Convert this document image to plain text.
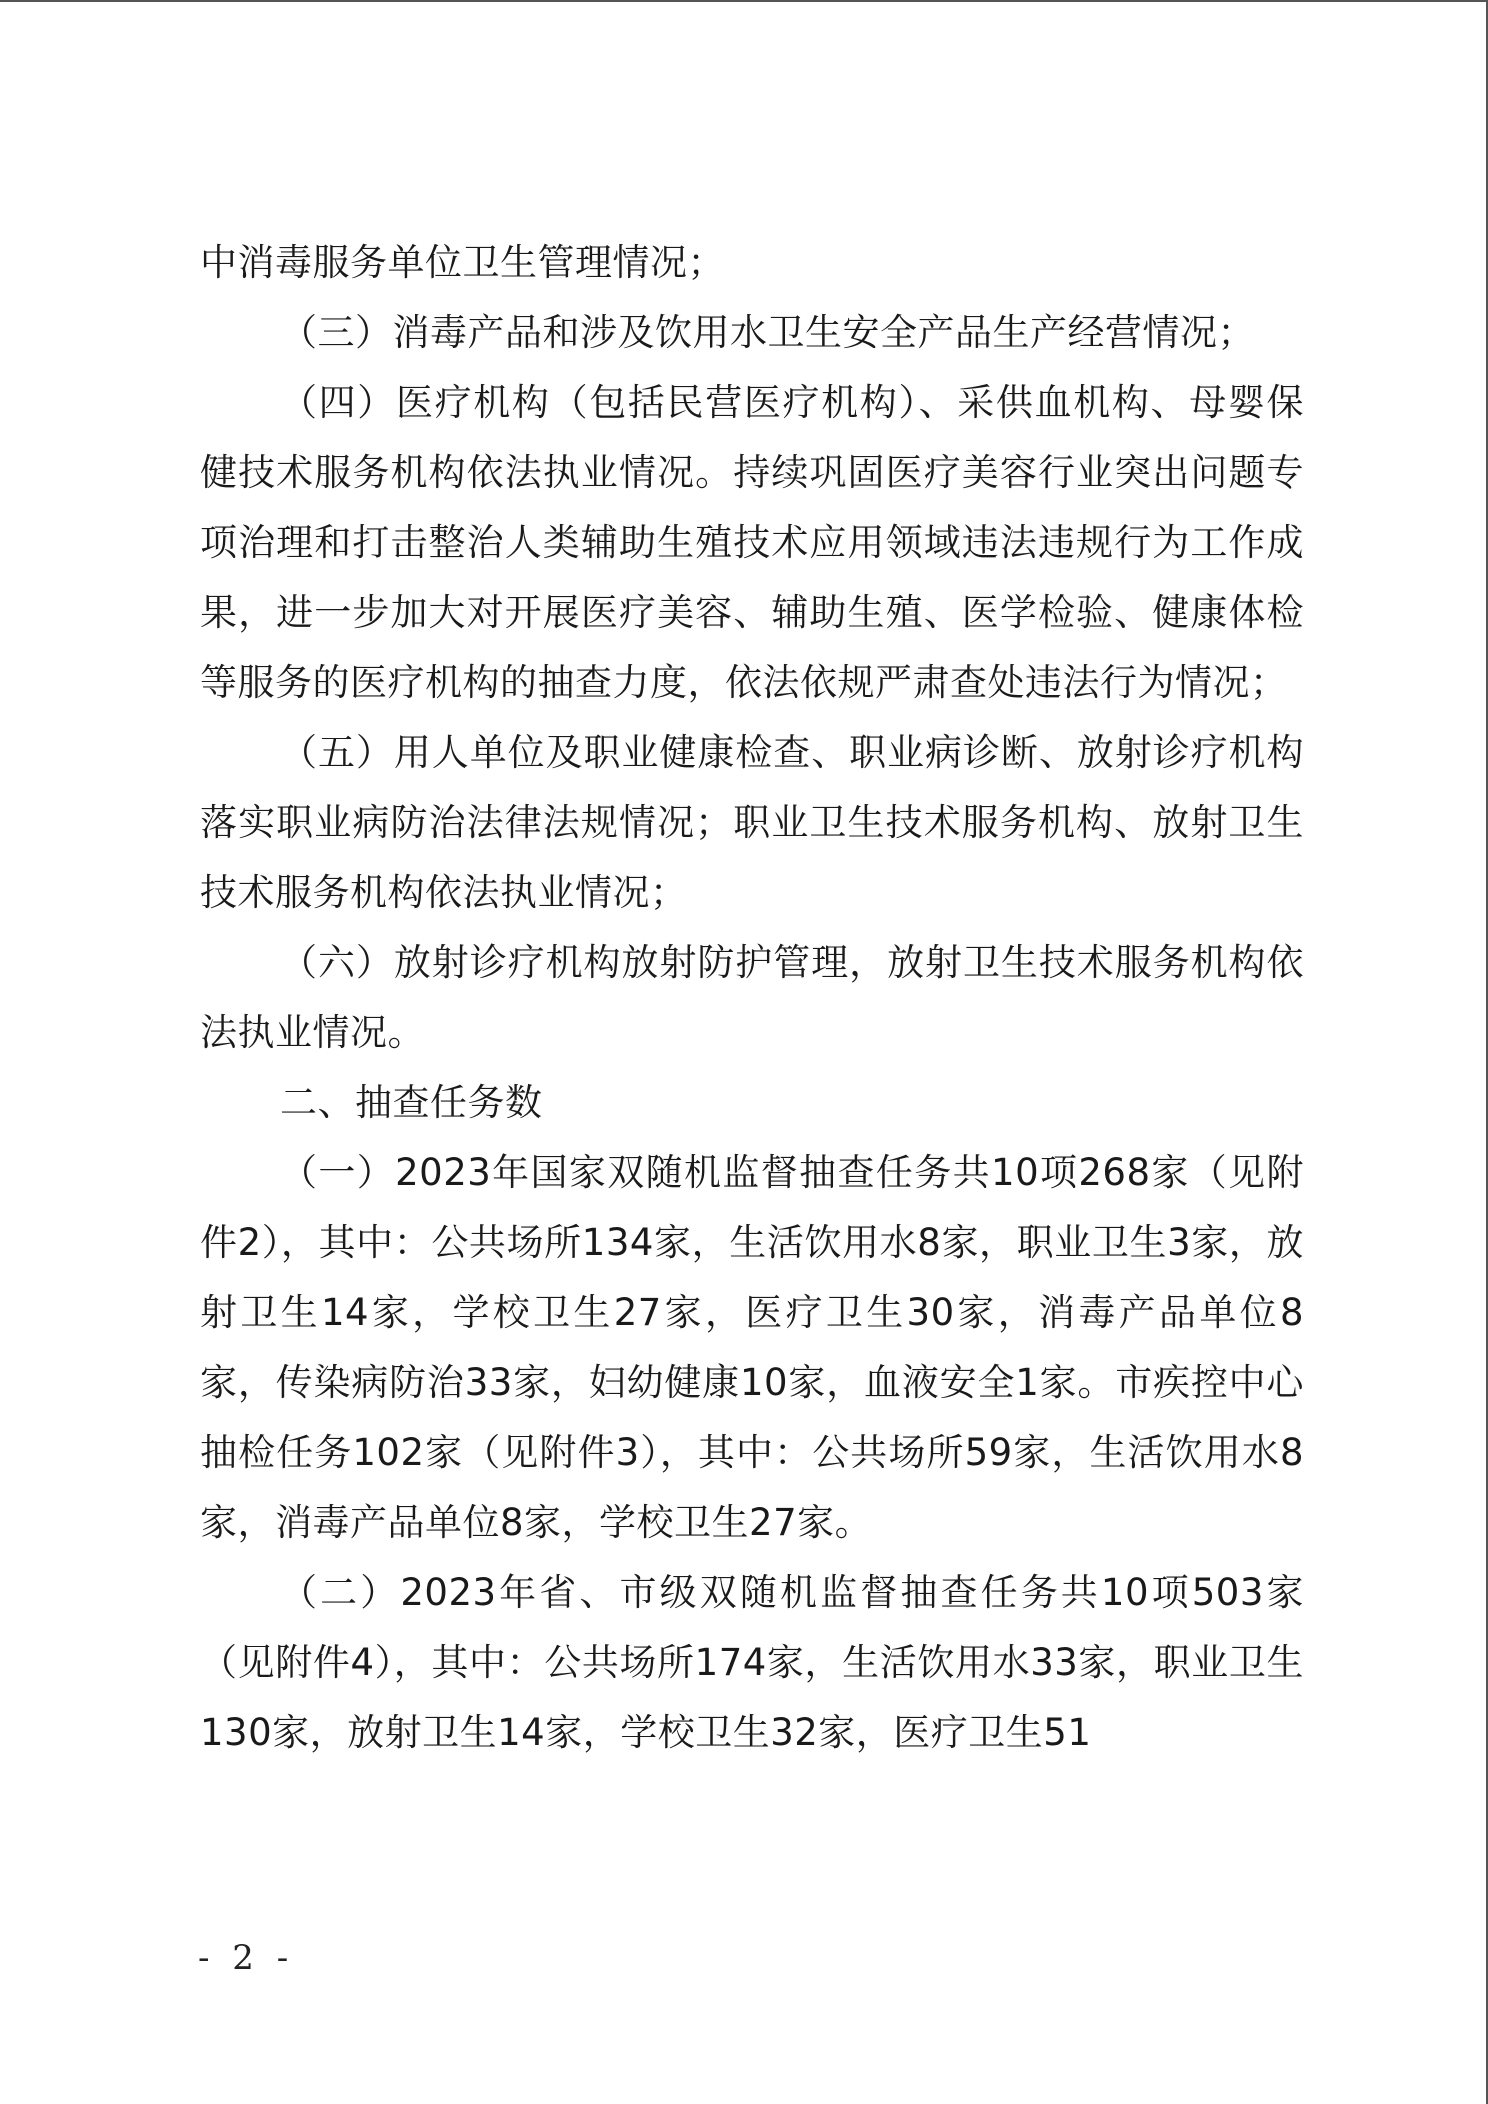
中消毒服务单位卫生管理情况；

（三）消毒产品和涉及饮用水卫生安全产品生产经营情况；

（四）医疗机构（包括民营医疗机构）、采供血机构、母婴保健技术服务机构依法执业情况。持续巩固医疗美容行业突出问题专项治理和打击整治人类辅助生殖技术应用领域违法违规行为工作成果，进一步加大对开展医疗美容、辅助生殖、医学检验、健康体检等服务的医疗机构的抽查力度，依法依规严肃查处违法行为情况；

（五）用人单位及职业健康检查、职业病诊断、放射诊疗机构落实职业病防治法律法规情况；职业卫生技术服务机构、放射卫生技术服务机构依法执业情况；

（六）放射诊疗机构放射防护管理，放射卫生技术服务机构依法执业情况。

二、抽查任务数

（一）2023年国家双随机监督抽查任务共10项268家（见附件2），其中：公共场所134家，生活饮用水8家，职业卫生3家，放射卫生14家，学校卫生27家，医疗卫生30家，消毒产品单位8家，传染病防治33家，妇幼健康10家，血液安全1家。市疾控中心抽检任务102家（见附件3），其中：公共场所59家，生活饮用水8家，消毒产品单位8家，学校卫生27家。

（二）2023年省、市级双随机监督抽查任务共10项503家（见附件4），其中：公共场所174家，生活饮用水33家，职业卫生130家，放射卫生14家，学校卫生32家，医疗卫生51

- 2 -
